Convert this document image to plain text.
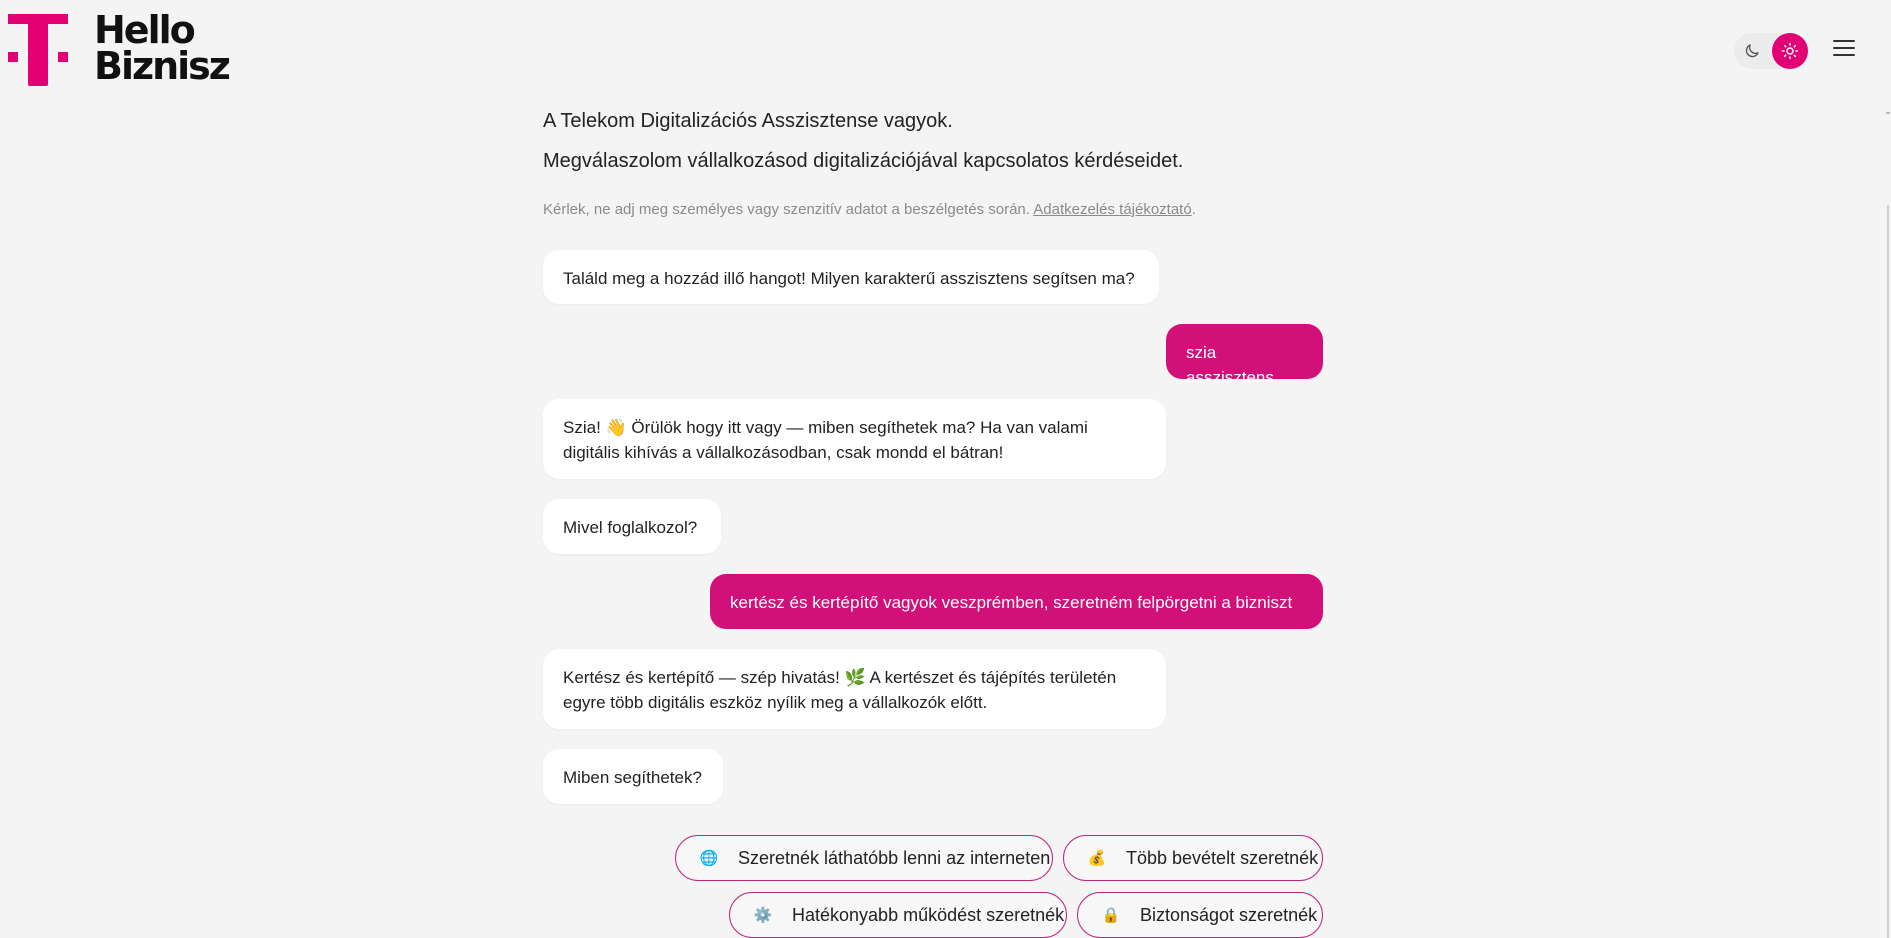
Hello
Biznisz
A Telekom Digitalizációs Asszisztense vagyok.
Megválaszolom vállalkozásod digitalizációjával kapcsolatos kérdéseidet.
Kérlek, ne adj meg személyes vagy szenzitív adatot a beszélgetés során. Adatkezelés tájékoztató.
Találd meg a hozzád illő hangot! Milyen karakterű asszisztens segítsen ma?
szia asszisztens
Szia! 👋 Örülök hogy itt vagy — miben segíthetek ma? Ha van valami digitális kihívás a vállalkozásodban, csak mondd el bátran!
Mivel foglalkozol?
kertész és kertépítő vagyok veszprémben, szeretném felpörgetni a bizniszt
Kertész és kertépítő — szép hivatás! 🌿 A kertészet és tájépítés területén egyre több digitális eszköz nyílik meg a vállalkozók előtt.
Miben segíthetek?
🌐 Szeretnék láthatóbb lenni az interneten 💰 Több bevételt szeretnék
⚙️ Hatékonyabb működést szeretnék	🔒 Biztonságot szeretnék
